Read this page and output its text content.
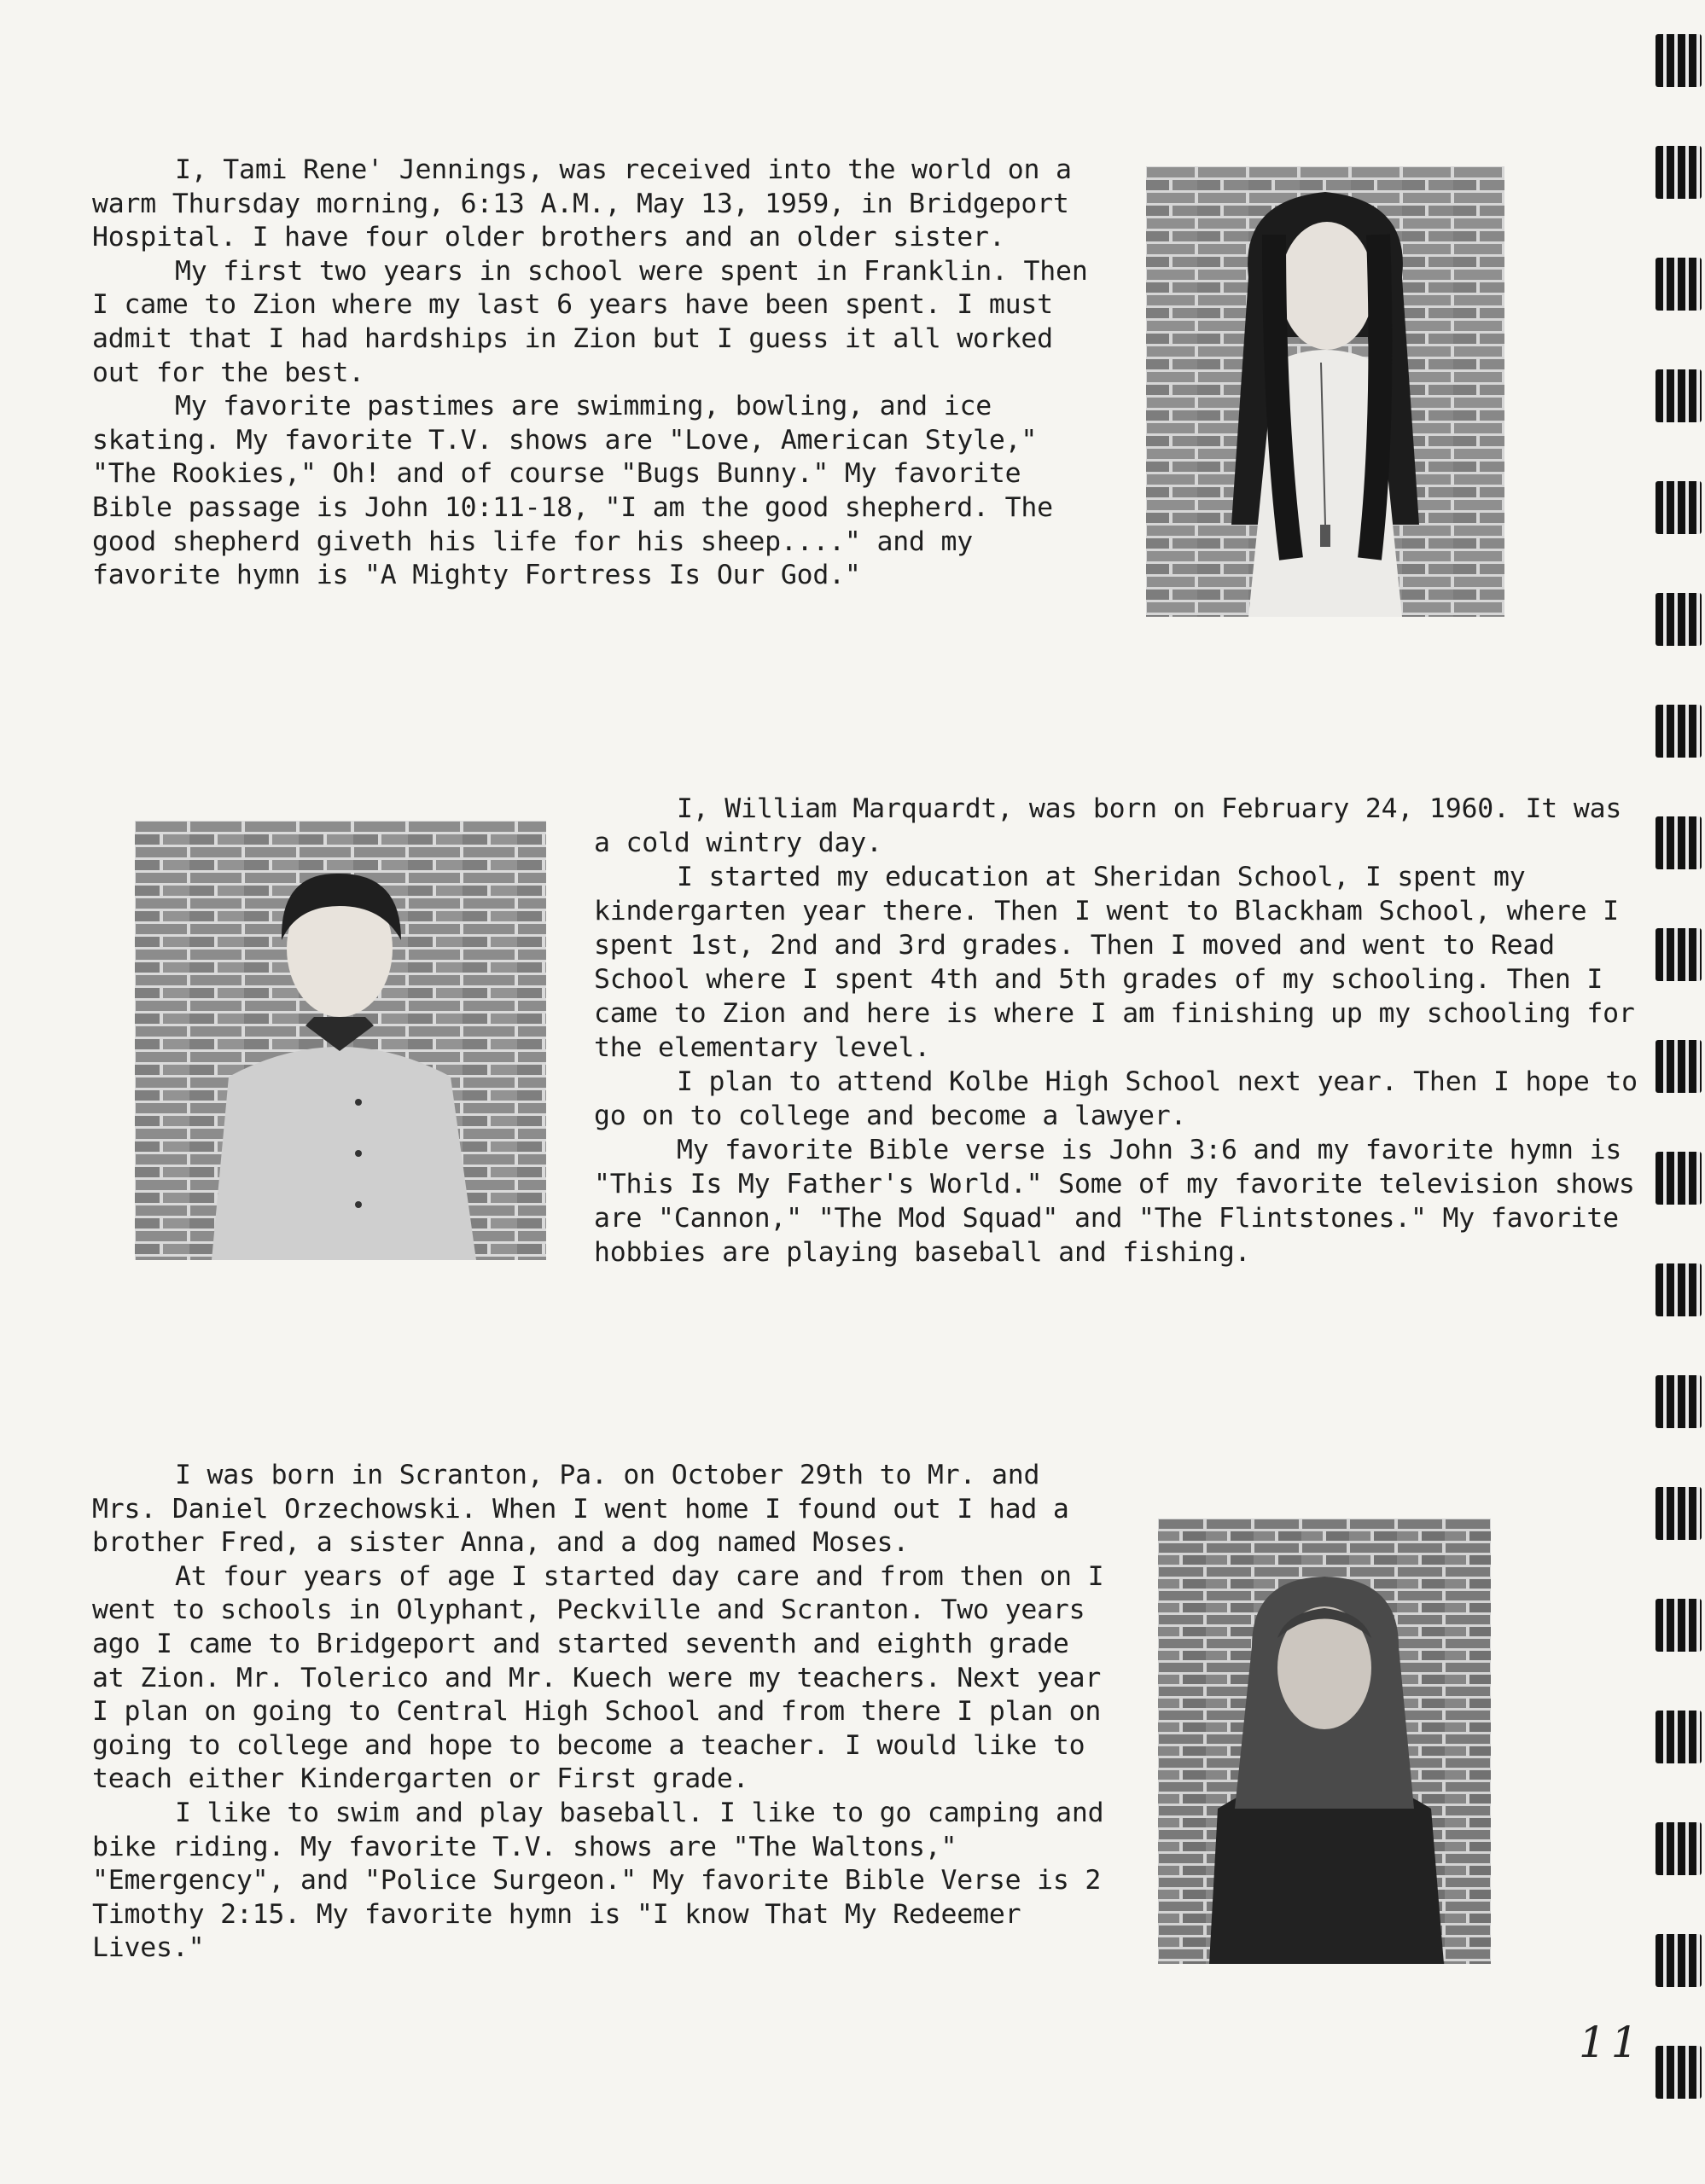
I, Tami Rene' Jennings, was received into the world on a warm Thursday morning, 6:13 A.M., May 13, 1959, in Bridgeport Hospital. I have four older brothers and an older sister.

My first two years in school were spent in Franklin. Then I came to Zion where my last 6 years have been spent. I must admit that I had hardships in Zion but I guess it all worked out for the best.

My favorite pastimes are swimming, bowling, and ice skating. My favorite T.V. shows are "Love, American Style," "The Rookies," Oh! and of course "Bugs Bunny." My favorite Bible passage is John 10:11-18, "I am the good shepherd. The good shepherd giveth his life for his sheep...." and my favorite hymn is "A Mighty Fortress Is Our God."

I, William Marquardt, was born on February 24, 1960. It was a cold wintry day.

I started my education at Sheridan School, I spent my kindergarten year there. Then I went to Blackham School, where I spent 1st, 2nd and 3rd grades. Then I moved and went to Read School where I spent 4th and 5th grades of my schooling. Then I came to Zion and here is where I am finishing up my schooling for the elementary level.

I plan to attend Kolbe High School next year. Then I hope to go on to college and become a lawyer.

My favorite Bible verse is John 3:6 and my favorite hymn is "This Is My Father's World." Some of my favorite television shows are "Cannon," "The Mod Squad" and "The Flintstones." My favorite hobbies are playing baseball and fishing.

I was born in Scranton, Pa. on October 29th to Mr. and Mrs. Daniel Orzechowski. When I went home I found out I had a brother Fred, a sister Anna, and a dog named Moses.

At four years of age I started day care and from then on I went to schools in Olyphant, Peckville and Scranton. Two years ago I came to Bridgeport and started seventh and eighth grade at Zion. Mr. Tolerico and Mr. Kuech were my teachers. Next year I plan on going to Central High School and from there I plan on going to college and hope to become a teacher. I would like to teach either Kindergarten or First grade.

I like to swim and play baseball. I like to go camping and bike riding. My favorite T.V. shows are "The Waltons," "Emergency", and "Police Surgeon." My favorite Bible Verse is 2 Timothy 2:15. My favorite hymn is "I know That My Redeemer Lives."

11
